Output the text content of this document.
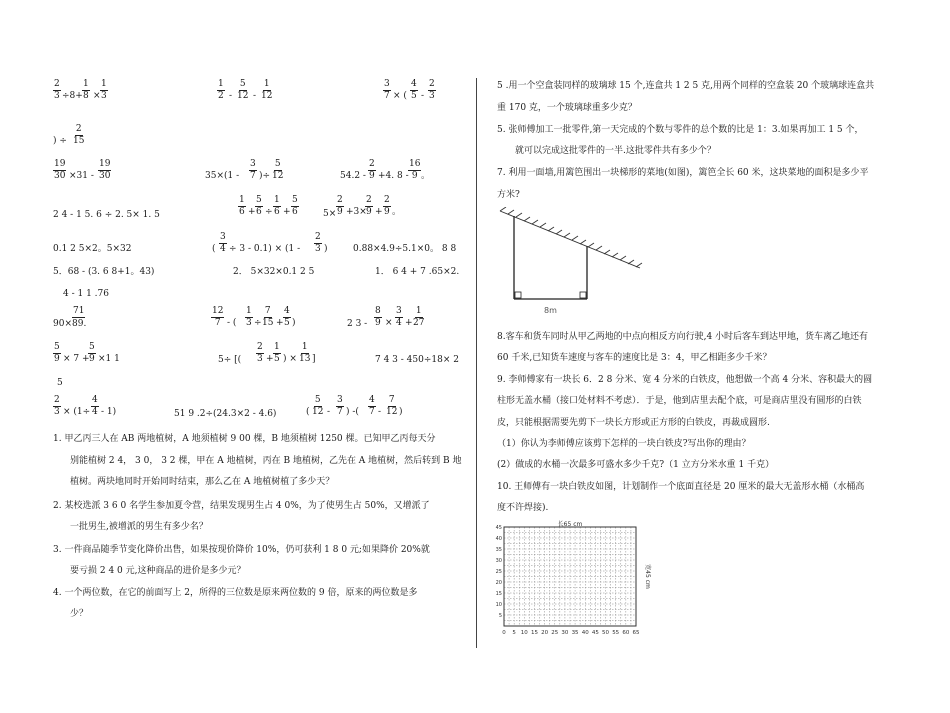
$\frac{2}{3} \div 8+ \frac{1}{8} \times \frac{1}{3}$	$\frac{1}{2} - \frac{5}{12} - \frac{1}{12}$	$\frac{3}{7}$ × ( $\frac{4}{5} - \frac{2}{3}$
) ÷ $\frac{2}{15}$
$\frac{19}{30} \times 31 - \frac{19}{30}$	$35\times(1 - \frac{3}{7}$ )÷ $\frac{5}{12}$	$54.2 - \frac{2}{9} +4$. $8 - \frac{16}{9}$ 。
2 4 - 1 5. 6 ÷ 2. 5× 1. 5	$\frac{1}{6} + \frac{5}{6} \div \frac{1}{6} + \frac{5}{6}$	$5\times \frac{2}{9} +3\times$
$\frac{2}{9} + \frac{2}{9}$ 。
0.1 2 5×2。5×32	( $\frac{3}{4} \div 3 - 0.1) \times (1 - \frac{2}{3}$ )	0.88×4.9÷5.1×0。 8 8
5．68 - (3. 6 8+1。43)	2． 5×32×0.1 2 5	1． 6 4 + 7 .65×2.
4 - 1 1 .76
71
90×89.	$\frac{12}{7}$ - ( $\frac{1}{3} \div \frac{7}{15} + \frac{4}{5}$ )	2 $3 - \frac{8}{9} \times \frac{3}{4} + \frac{1}{27}$
$\frac{5}{9} \times 7$ +
$\frac{5}{9} \times 1$ 1	5÷ [( $\frac{2}{3} + \frac{1}{5}$ ) × $\frac{1}{13}$ ]	7 4 3 - 450÷18× 2
5
$\frac{2}{3} \times (1\div \frac{4}{4} - 1)$	51 9 .2÷(24.3×2 - 4.6)	( $\frac{5}{12} - \frac{3}{7}$ ) -( $\frac{4}{7} - \frac{7}{12}$ )
1. 甲乙丙三人在 AB 两地植树，A 地须植树 9 00 棵，B 地须植树 1250 棵。已知甲乙丙每天分
别能植树 2 4， 3 0， 3 2 棵，甲在 A 地植树，丙在 B 地植树，乙先在 A 地植树，然后转到 B 地
植树。两块地同时开始同时结束，那么乙在 A 地植树植了多少天？
2. 某校选派 3 6 0 名学生参加夏令营，结果发现男生占 4 0%，为了使男生占 50%，又增派了
一批男生,被增派的男生有多少名？
3. 一件商品随季节变化降价出售，如果按现价降价 10%，仍可获利 1 8 0 元;如果降价 20%就
要亏损 2 4 0 元,这种商品的进价是多少元？
4. 一个两位数，在它的前面写上 2，所得的三位数是原来两位数的 9 倍，原来的两位数是多
少？
5 .用一个空盒装同样的玻璃球 15 个,连盒共 1 2 5 克,用两个同样的空盒装 20 个玻璃球连盒共
重 170 克，一个玻璃球重多少克？
5. 张师傅加工一批零件,第一天完成的个数与零件的总个数的比是 1：3.如果再加工 1 5 个，
就可以完成这批零件的一半.这批零件共有多少个？
7. 利用一面墙,用篱笆围出一块梯形的菜地(如图)，篱笆全长 60 米，这块菜地的面积是多少平
方米?
8m
8.客车和货车同时从甲乙两地的中点向相反方向行驶,4 小时后客车到达甲地，货车离乙地还有
60 千米,已知货车速度与客车的速度比是 3：4，甲乙相距多少千米？
9. 李师傅家有一块长 6．2 8 分米、宽 4 分米的白铁皮，他想做一个高 4 分米、容积最大的圆
柱形无盖水桶（接口处材料不考虑）．于是，他到店里去配个底，可是商店里没有圆形的白铁
皮，只能根据需要先剪下一块长方形或正方形的白铁皮，再裁成圆形.
（1）你认为李师傅应该剪下怎样的一块白铁皮?写出你的理由？
(2）做成的水桶一次最多可盛水多少千克?（1 立方分米水重 1 千克）
10. 王师傅有一块白铁皮如图，计划制作一个底面直径是 20 厘米的最大无盖形水桶（水桶高
度不许焊接).
0 5 10 15 20 25 30 35 40 45 50 55 60 65
45
40
35
30
25
20
15
10
5
长65 cm
宽45 cm
